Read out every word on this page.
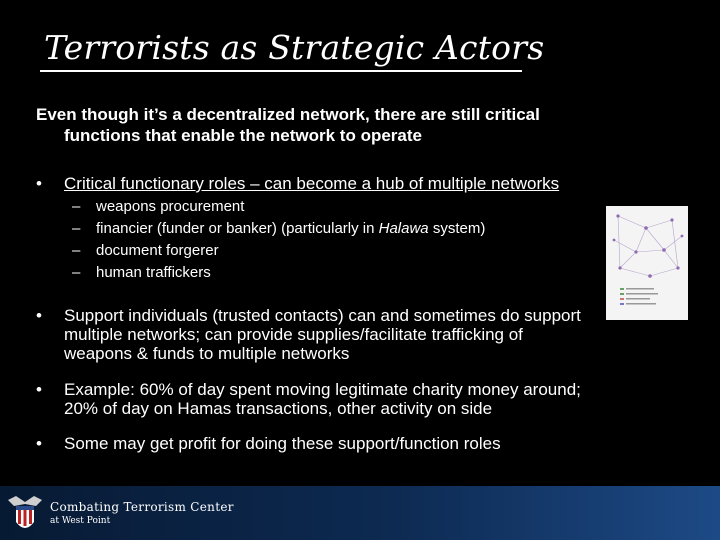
Terrorists as Strategic Actors
Even though it’s a decentralized network, there are still critical
functions that enable the network to operate
•	Critical functionary roles – can become a hub of multiple networks
– weapons procurement
– financier (funder or banker) (particularly in Halawa system)
– document forgerer
– human traffickers
•	Support individuals (trusted contacts) can and sometimes do support
multiple networks; can provide supplies/facilitate trafficking of
weapons & funds to multiple networks
•	Example: 60% of day spent moving legitimate charity money around;
20% of day on Hamas transactions, other activity on side
•	Some may get profit for doing these support/function roles
Combating Terrorism Center
at West Point
